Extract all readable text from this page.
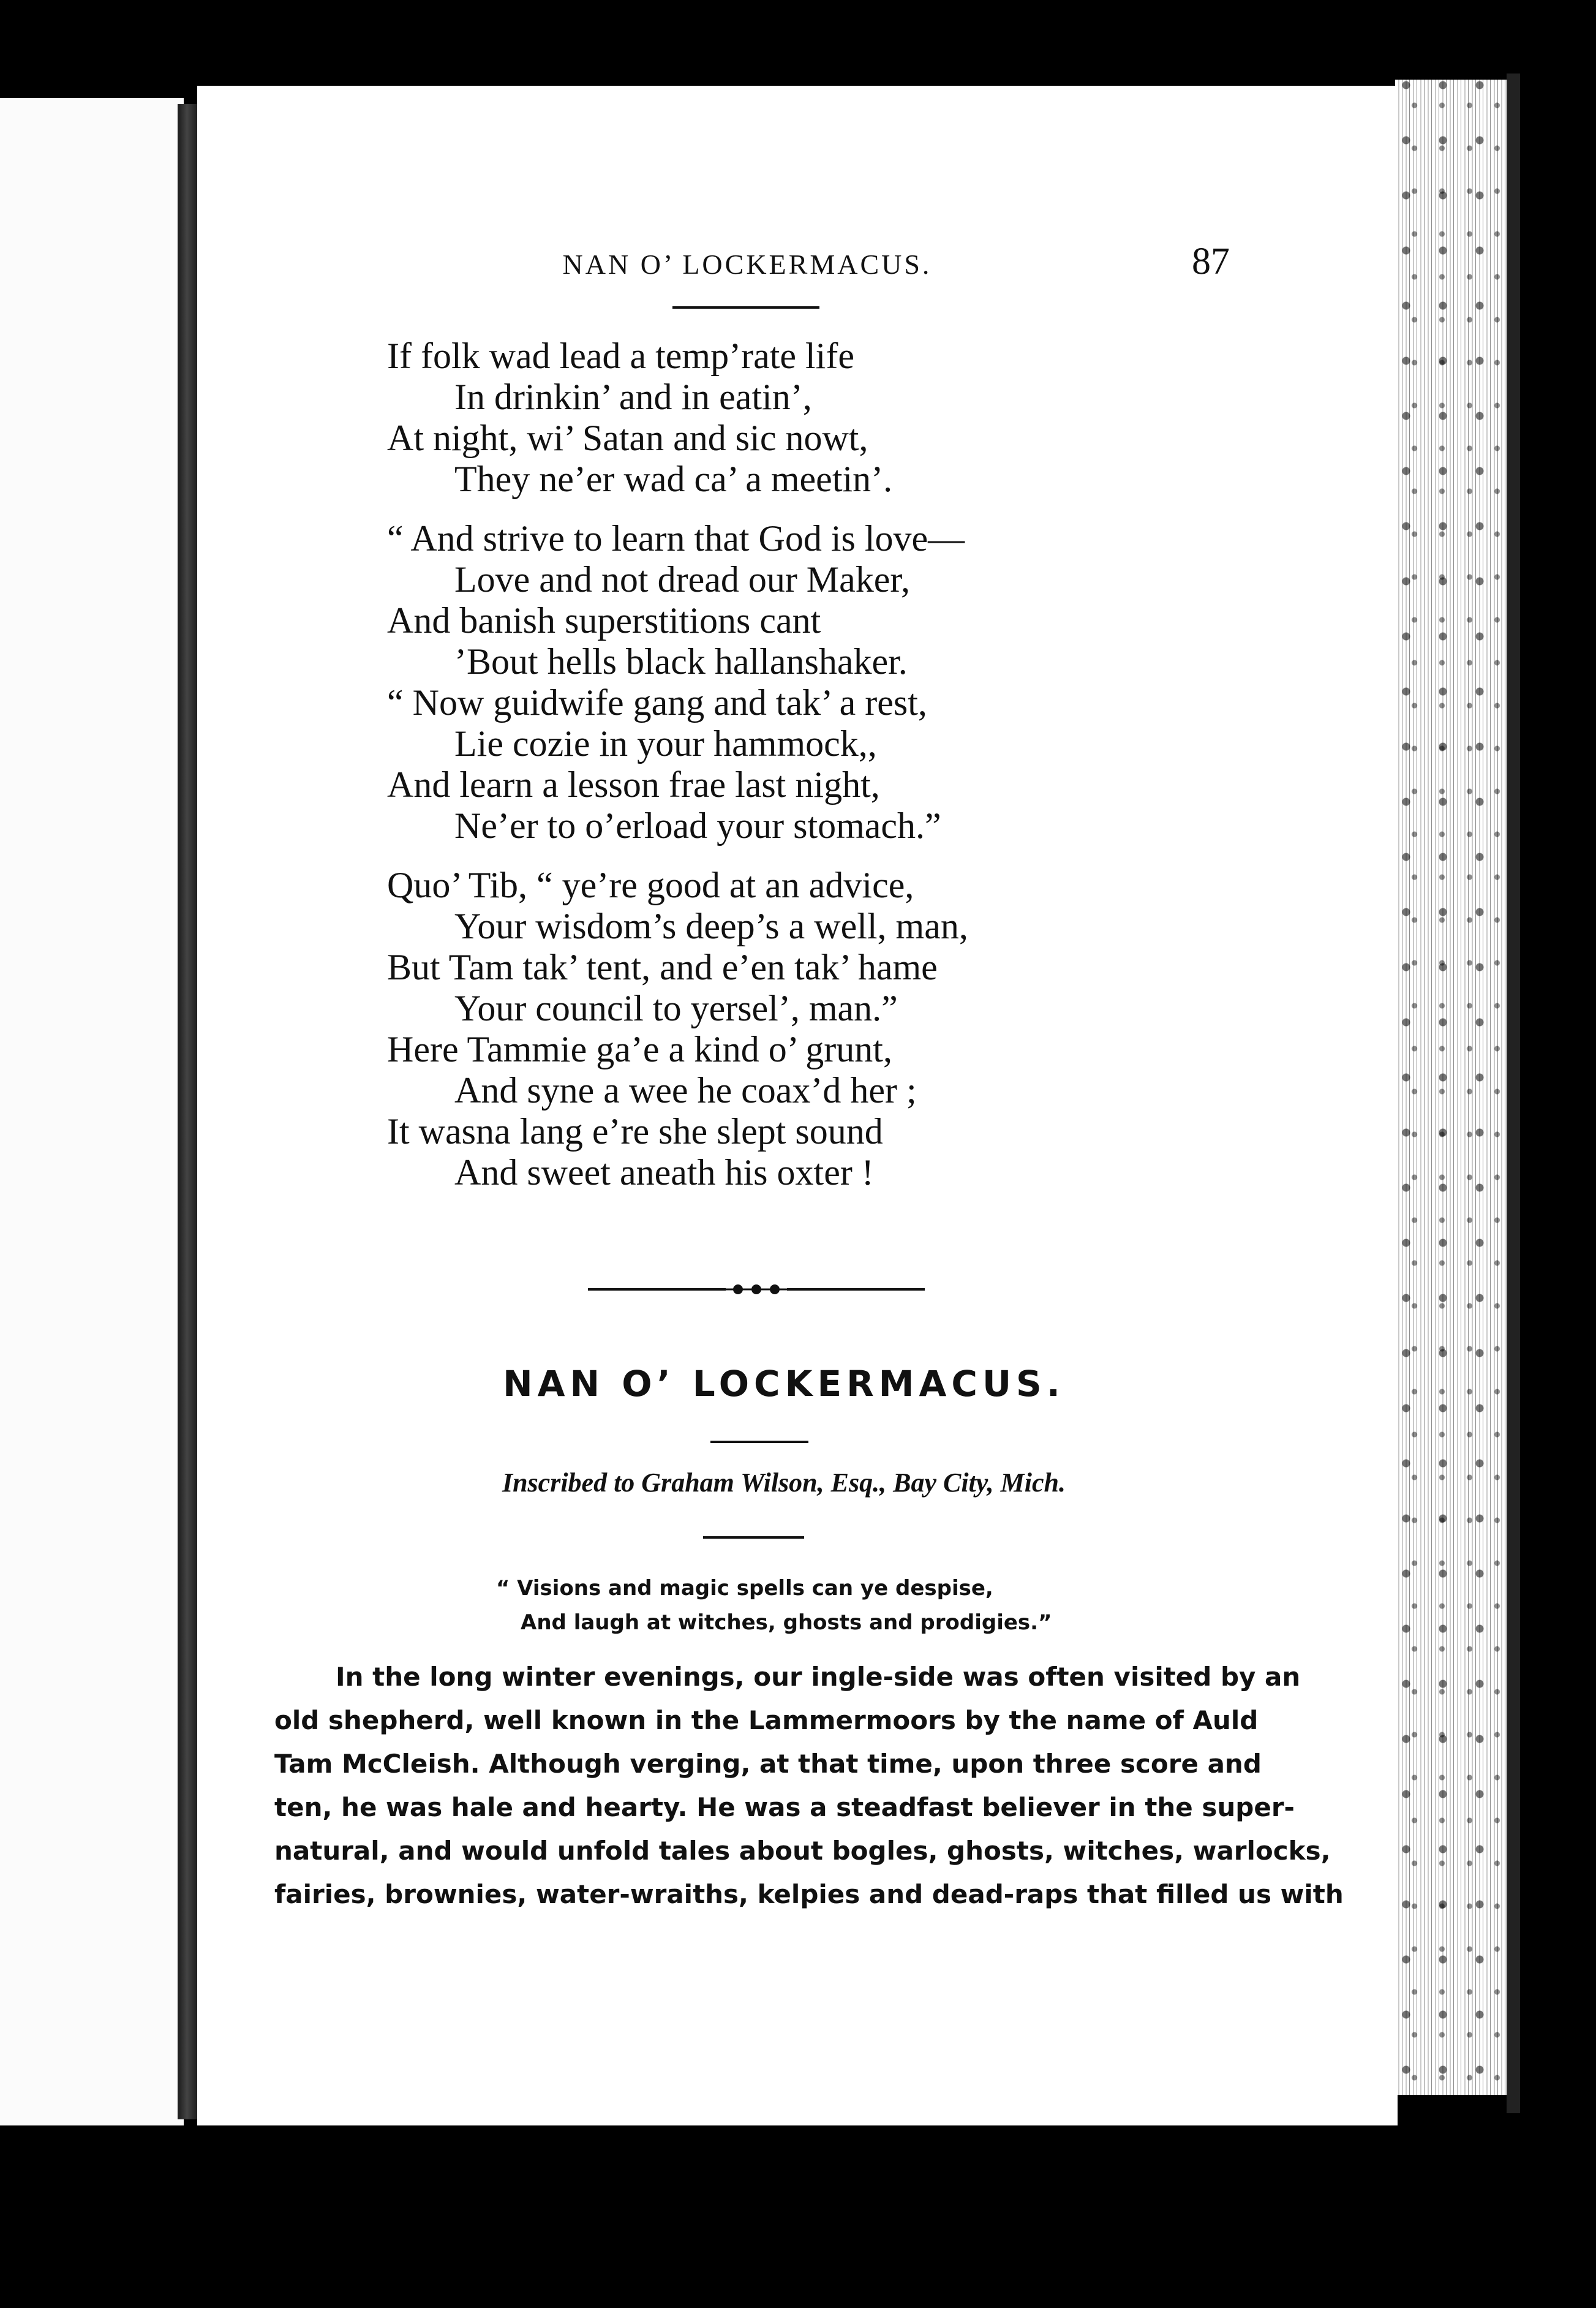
NAN O’ LOCKERMACUS.	87
If folk wad lead a temp’rate life
In drinkin’ and in eatin’,
At night, wi’ Satan and sic nowt,
They ne’er wad ca’ a meetin’.
“ And strive to learn that God is love—
Love and not dread our Maker,
And banish superstitions cant
’Bout hells black hallanshaker.
“ Now guidwife gang and tak’ a rest,
Lie cozie in your hammock,,
And learn a lesson frae last night,
Ne’er to o’erload your stomach.”
Quo’ Tib, “ ye’re good at an advice,
Your wisdom’s deep’s a well, man,
But Tam tak’ tent, and e’en tak’ hame
Your council to yersel’, man.”
Here Tammie ga’e a kind o’ grunt,
And syne a wee he coax’d her ;
It wasna lang e’re she slept sound
And sweet aneath his oxter !
NAN O’ LOCKERMACUS.
Inscribed to Graham Wilson, Esq., Bay City, Mich.
“ Visions and magic spells can ye despise,
And laugh at witches, ghosts and prodigies.”
In the long winter evenings, our ingle-side was often visited by an
old shepherd, well known in the Lammermoors by the name of Auld
Tam McCleish. Although verging, at that time, upon three score and
ten, he was hale and hearty. He was a steadfast believer in the super-
natural, and would unfold tales about bogles, ghosts, witches, warlocks,
fairies, brownies, water-wraiths, kelpies and dead-raps that filled us with
